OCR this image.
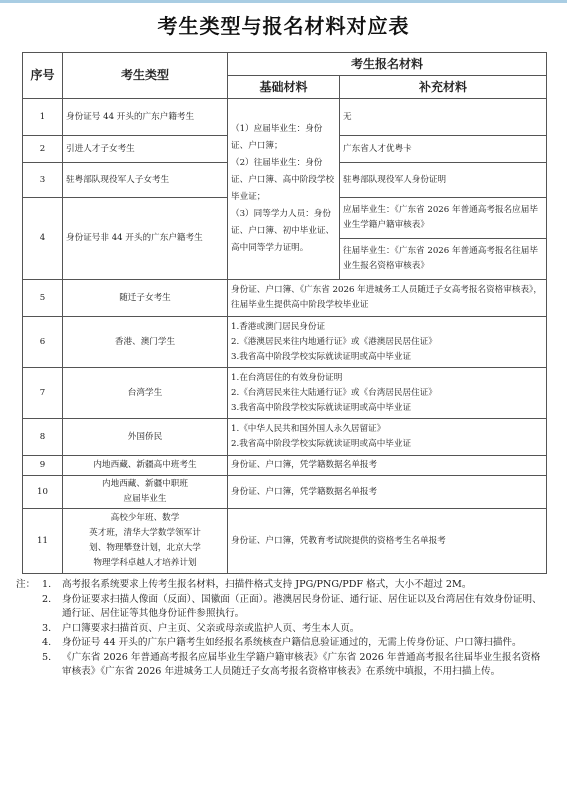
考生类型与报名材料对应表
序号	考生类型	考生报名材料	
		基础材料	补充材料
1	身份证号 44 开头的广东户籍考生	（1）应届毕业生：身份证、户口簿；
（2）往届毕业生：身份证、户口簿、高中阶段学校毕业证；
（3）同等学力人员：身份证、户口簿、初中毕业证、高中同等学力证明。	无
2	引进人才子女考生		广东省人才优粤卡
3	驻粤部队现役军人子女考生		驻粤部队现役军人身份证明
4	身份证号非 44 开头的广东户籍考生		应届毕业生：《广东省 2026 年普通高考报名应届毕业生学籍户籍审核表》
			往届毕业生：《广东省 2026 年普通高考报名往届毕业生报名资格审核表》
5	随迁子女考生	身份证、户口簿、《广东省 2026 年进城务工人员随迁子女高考报名资格审核表》，往届毕业生提供高中阶段学校毕业证	
6	香港、澳门学生	1.香港或澳门居民身份证
2.《港澳居民来往内地通行证》或《港澳居民居住证》
3.我省高中阶段学校实际就读证明或高中毕业证	

7	台湾学生	1.在台湾居住的有效身份证明
2.《台湾居民来往大陆通行证》或《台湾居民居住证》
3.我省高中阶段学校实际就读证明或高中毕业证	

8	外国侨民	1.《中华人民共和国外国人永久居留证》
2.我省高中阶段学校实际就读证明或高中毕业证	

9	内地西藏、新疆高中班考生	身份证、户口簿，凭学籍数据名单报考	
10	内地西藏、新疆中职班
应届毕业生	身份证、户口簿，凭学籍数据名单报考	
11	高校少年班、数学
英才班，清华大学数学领军计
划、物理攀登计划，北京大学
物理学科卓越人才培养计划	身份证、户口簿，凭教育考试院提供的资格考生名单报考	
注： 1. 高考报名系统要求上传考生报名材料，扫描件格式支持 JPG/PNG/PDF 格式，大小不超过 2M。
2. 身份证要求扫描人像面（反面）、国徽面（正面）。港澳居民身份证、通行证、居住证以及台湾居住有效身份证明、通行证、居住证等其他身份证件参照执行。
3. 户口簿要求扫描首页、户主页、父亲或母亲或监护人页、考生本人页。
4. 身份证号 44 开头的广东户籍考生如经报名系统核查户籍信息验证通过的，无需上传身份证、户口簿扫描件。
5. 《广东省 2026 年普通高考报名应届毕业生学籍户籍审核表》《广东省 2026 年普通高考报名往届毕业生报名资格审核表》《广东省 2026 年进城务工人员随迁子女高考报名资格审核表》在系统中填报，不用扫描上传。
